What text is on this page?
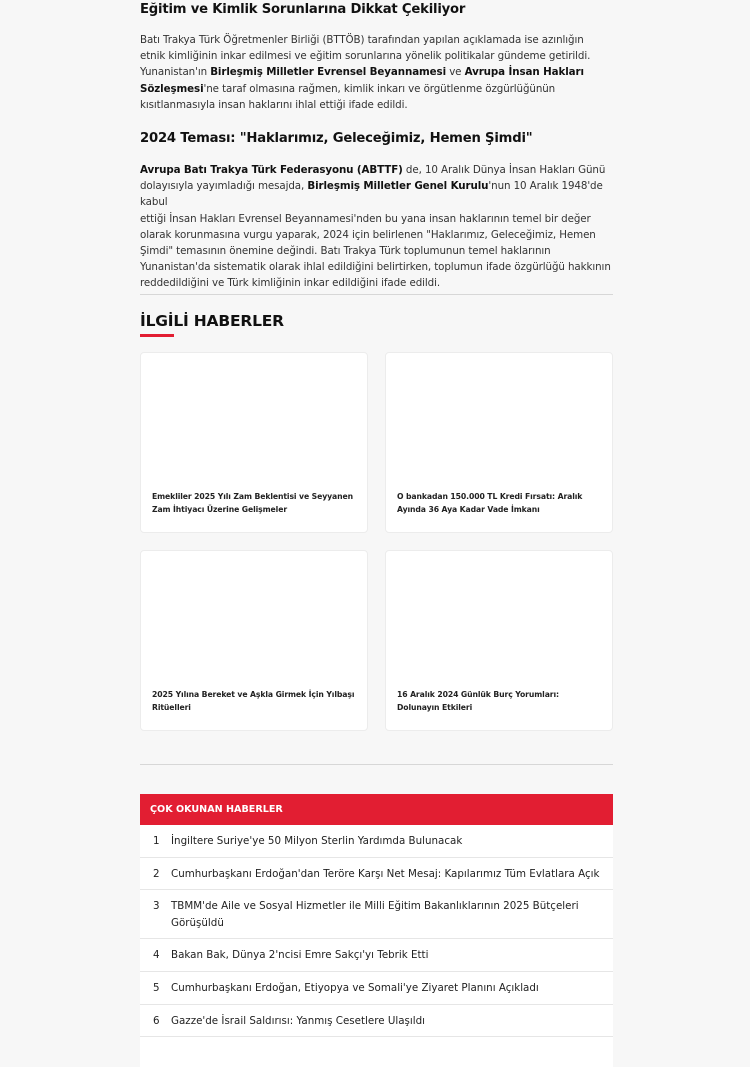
Eğitim ve Kimlik Sorunlarına Dikkat Çekiliyor
Batı Trakya Türk Öğretmenler Birliği (BTTÖB) tarafından yapılan açıklamada ise azınlığın
etnik kimliğinin inkar edilmesi ve eğitim sorunlarına yönelik politikalar gündeme getirildi.
Yunanistan'ın Birleşmiş Milletler Evrensel Beyannamesi ve Avrupa İnsan Hakları
Sözleşmesi'ne taraf olmasına rağmen, kimlik inkarı ve örgütlenme özgürlüğünün
kısıtlanmasıyla insan haklarını ihlal ettiği ifade edildi.
2024 Teması: "Haklarımız, Geleceğimiz, Hemen Şimdi"
Avrupa Batı Trakya Türk Federasyonu (ABTTF) de, 10 Aralık Dünya İnsan Hakları Günü
dolayısıyla yayımladığı mesajda, Birleşmiş Milletler Genel Kurulu'nun 10 Aralık 1948'de kabul
ettiği İnsan Hakları Evrensel Beyannamesi'nden bu yana insan haklarının temel bir değer
olarak korunmasına vurgu yaparak, 2024 için belirlenen "Haklarımız, Geleceğimiz, Hemen
Şimdi" temasının önemine değindi. Batı Trakya Türk toplumunun temel haklarının
Yunanistan'da sistematik olarak ihlal edildiğini belirtirken, toplumun ifade özgürlüğü hakkının
reddedildiğini ve Türk kimliğinin inkar edildiğini ifade edildi.
İLGİLİ HABERLER
Emekliler 2025 Yılı Zam Beklentisi ve Seyyanen Zam İhtiyacı Üzerine Gelişmeler
O bankadan 150.000 TL Kredi Fırsatı: Aralık Ayında 36 Aya Kadar Vade İmkanı
2025 Yılına Bereket ve Aşkla Girmek İçin Yılbaşı Ritüelleri
16 Aralık 2024 Günlük Burç Yorumları: Dolunayın Etkileri
ÇOK OKUNAN HABERLER
1	İngiltere Suriye'ye 50 Milyon Sterlin Yardımda Bulunacak
2	Cumhurbaşkanı Erdoğan'dan Teröre Karşı Net Mesaj: Kapılarımız Tüm Evlatlara Açık
3	TBMM'de Aile ve Sosyal Hizmetler ile Milli Eğitim Bakanlıklarının 2025 Bütçeleri Görüşüldü
4	Bakan Bak, Dünya 2'ncisi Emre Sakçı'yı Tebrik Etti
5	Cumhurbaşkanı Erdoğan, Etiyopya ve Somali'ye Ziyaret Planını Açıkladı
6	Gazze'de İsrail Saldırısı: Yanmış Cesetlere Ulaşıldı
